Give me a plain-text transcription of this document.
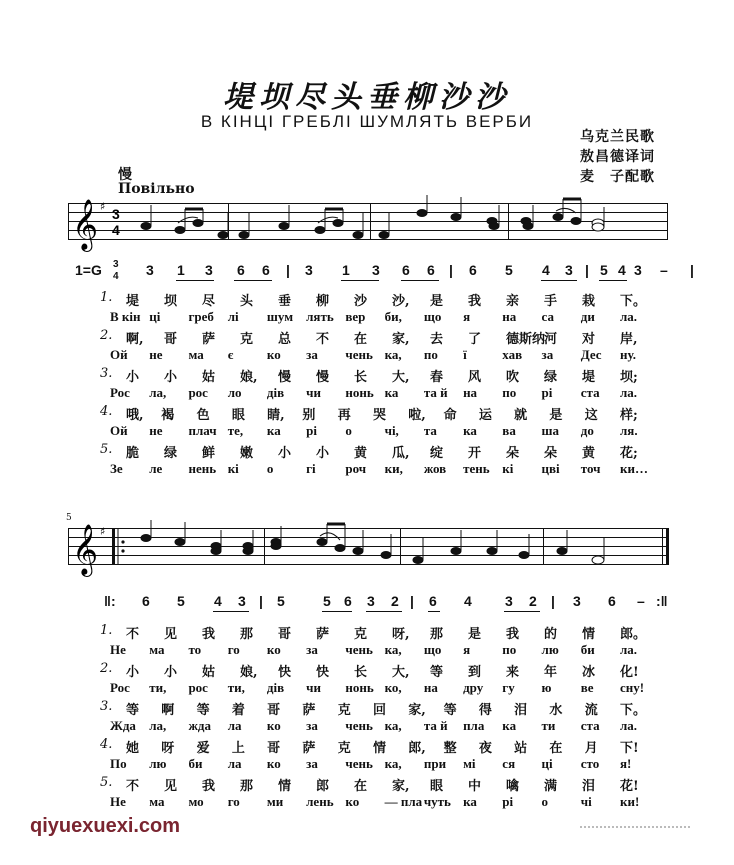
堤坝尽头垂柳沙沙
В КІНЦІ ГРЕБЛІ ШУМЛЯТЬ ВЕРБИ
乌克兰民歌
敖昌德译词
麦　子配歌
慢
Повільно
𝄞 ♯ 3
4
1=G 3
4 3 1 3 6 6 | 3 1 3 6 6 | 6 5 4 3 | 5 4 3 – |
1. 堤 坝 尽 头 垂 柳 沙 沙, 是 我 亲 手 栽 下。
В кін ці греб лі шум лять вер би, що я на са ди ла.
2. 啊, 哥 萨 克 总 不 在 家, 去 了 德斯纳
河 对 岸,
Ой не ма є	ко за чень ка, по ї	хав за Дес ну.
3. 小 小 姑 娘, 慢 慢 长 大, 春 风 吹 绿 堤 坝;
Рос ла, рос ло дів чи нонь ка та й на по рі ста ла.
4. 哦, 褐 色 眼 睛, 别 再 哭 啦, 命 运 就 是 这 样;
Ой не плач те, ка рі о	чі, та ка ва ша до ля.
5. 脆 绿 鲜 嫩 小 小 黄 瓜, 绽 开 朵 朵 黄 花;
Зе ле нень кі о	гі роч ки, жов тень кі цві точ ки…
5
𝄞 ♯
‖: 6 5 4 3 | 5	5 6 3 2 | 6 4 3 2 | 3 6 – :‖
1. 不 见 我 那 哥 萨 克 呀, 那 是 我 的 情 郎。
Не ма то го ко за чень ка, що я по лю би ла.
2. 小 小 姑 娘, 快 快 长 大, 等 到 来 年 冰 化!
Рос ти, рос ти, дів чи нонь ко, на дру гу ю ве сну!
3. 等 啊 等 着 哥 萨 克 回 家, 等 得 泪 水 流 下。
Жда ла, жда ла ко за чень ка, та й пла ка ти ста ла.
4. 她 呀 爱 上 哥 萨 克 情 郎, 整 夜 站 在 月 下!
По лю би ла ко за чень ка, при мі ся ці сто я!
5. 不 见 我 那 情 郎 在 家, 眼 中 噙 满 泪 花!
Не ма мо го ми лень ко — пла чуть ка рі о	чі ки!
qiyuexuexi.com
